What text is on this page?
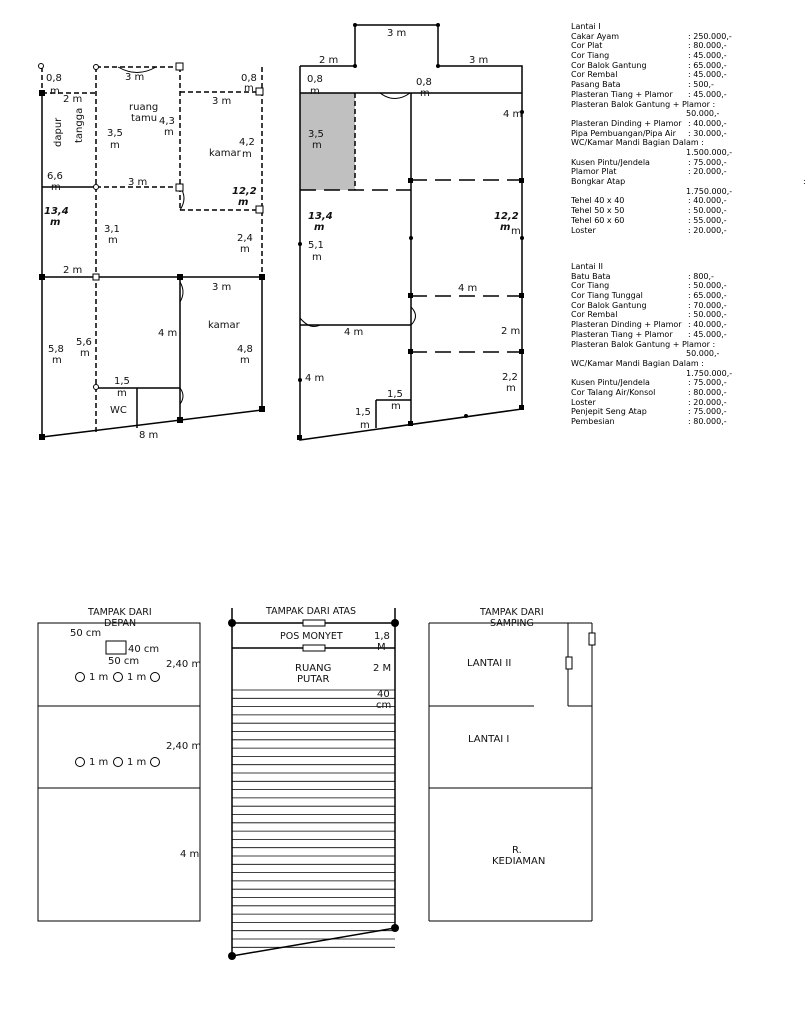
0,8
m
3 m	0,8
m
2 m
dapur tangga
ruang
tamu 4,3
m
3 m
3,5
m	4,2
kamar m
6,6
m	3 m
12,2
m
13,4
m
3,1
m	2,4
m
2 m
3 m
4 m
kamar
5,8
m
5,6
m	4,8
m
1,5
m
WC
8 m
3 m
2 m	3 m
0,8
m
0,8
m
4 m
3,5
m
13,4
m
12,2
m m
5,1
m
4 m
4 m	2 m
2,2
m
4 m
1,5
m
1,5
m
TAMPAK DARI
DEPAN
50 cm
40 cm
50 cm	2,40 m
1 m 1 m
2,40 m
1 m 1 m
4 m
TAMPAK DARI ATAS
POS MONYET	1,8
M
RUANG
PUTAR
2 M
40
cm
TAMPAK DARI
SAMPING
LANTAI II
LANTAI I
R.
KEDIAMAN
Lantai I
Cakar Ayam	: 250.000,-
Cor Plat	: 80.000,-
Cor Tiang	: 45.000,-
Cor Balok Gantung	: 65.000,-
Cor Rembal	: 45.000,-
Pasang Bata	: 500,-
Plasteran Tiang + Plamor : 45.000,-
Plasteran Balok Gantung + Plamor :
50.000,-
Plasteran Dinding + Plamor : 40.000,-
Pipa Pembuangan/Pipa Air : 30.000,-
WC/Kamar Mandi Bagian Dalam :
1.500.000,-
Kusen Pintu/Jendela	: 75.000,-
Plamor Plat	: 20.000,-
Bongkar Atap	:
1.750.000,-
Tehel 40 x 40	: 40.000,-
Tehel 50 x 50	: 50.000,-
Tehel 60 x 60	: 55.000,-
Loster	: 20.000,-
Lantai II
Batu Bata	: 800,-
Cor Tiang	: 50.000,-
Cor Tiang Tunggal	: 65.000,-
Cor Balok Gantung	: 70.000,-
Cor Rembal	: 50.000,-
Plasteran Dinding + Plamor : 40.000,-
Plasteran Tiang + Plamor : 45.000,-
Plasteran Balok Gantung + Plamor :
50.000,-
WC/Kamar Mandi Bagian Dalam :
1.750.000,-
Kusen Pintu/Jendela	: 75.000,-
Cor Talang Air/Konsol	: 80.000,-
Loster	: 20.000,-
Penjepit Seng Atap	: 75.000,-
Pembesian	: 80.000,-
